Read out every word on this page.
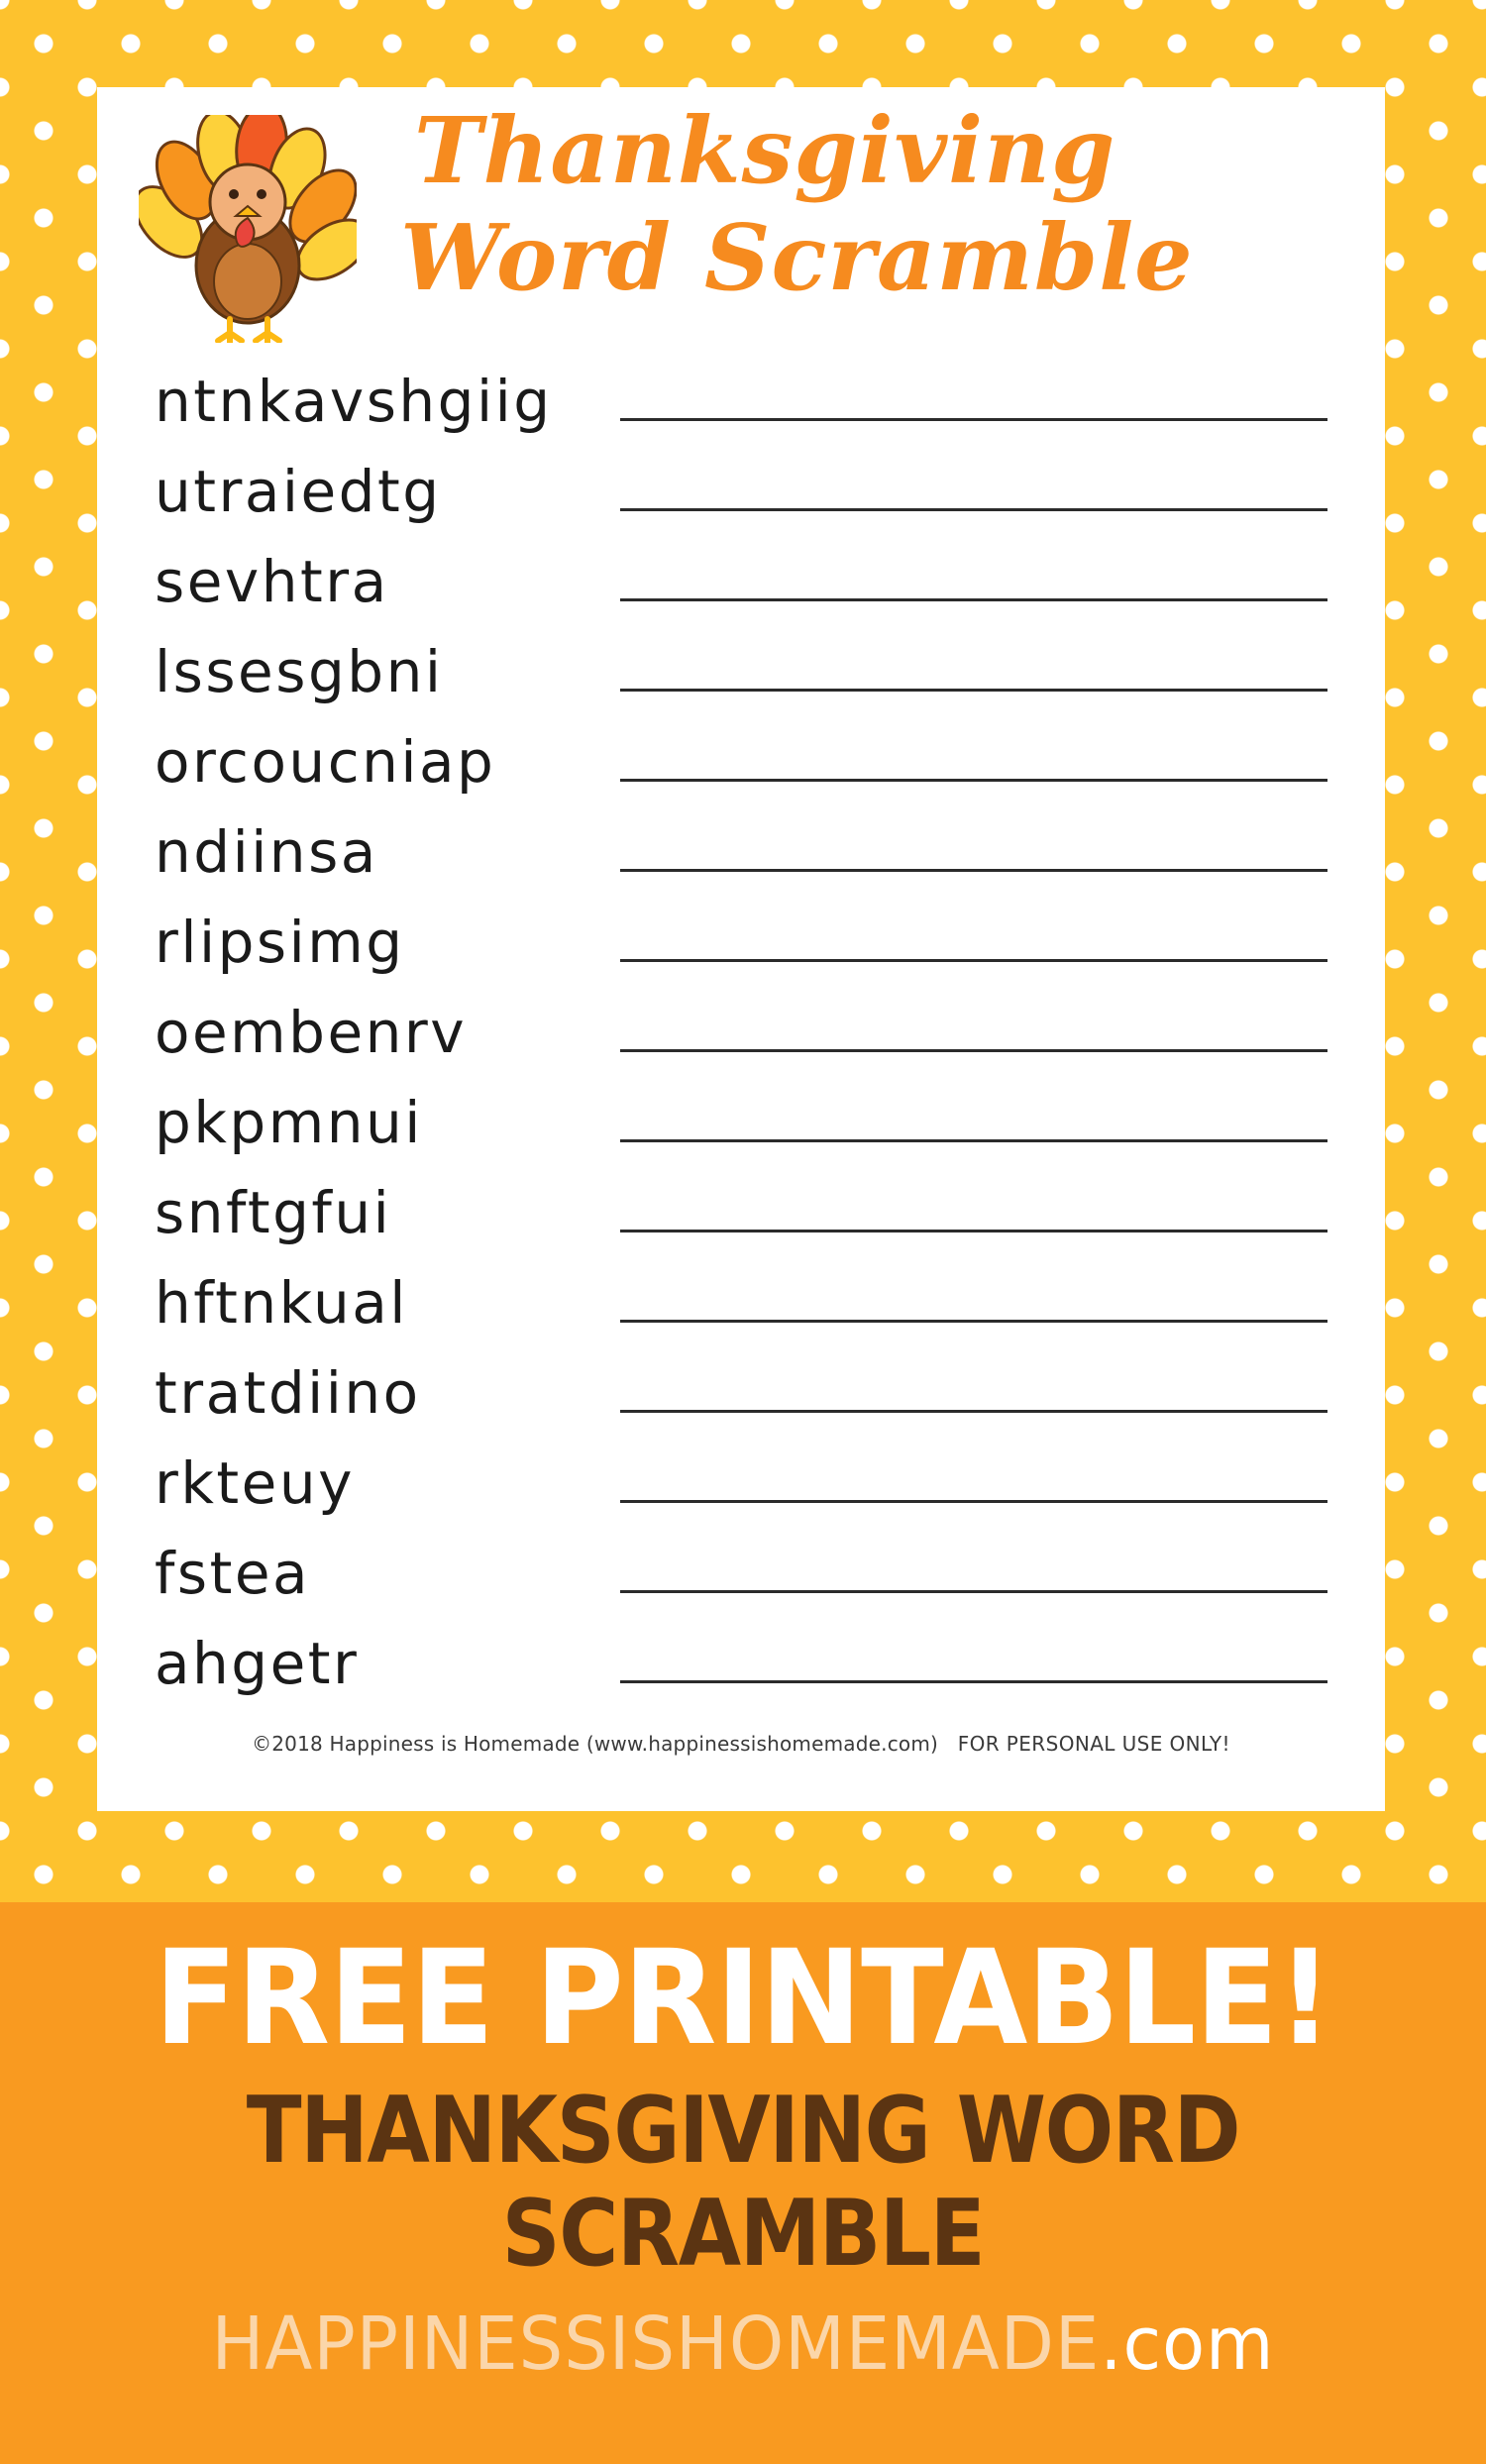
Thanksgiving
Word Scramble
ntnkavshgiig
utraiedtg
sevhtra
lssesgbni
orcoucniap
ndiinsa
rlipsimg
oembenrv
pkpmnui
snftgfui
hftnkual
tratdiino
rkteuy
fstea
ahgetr
©2018 Happiness is Homemade (www.happinessishomemade.com) FOR PERSONAL USE ONLY!
FREE PRINTABLE!
THANKSGIVING WORD SCRAMBLE
HAPPINESSISHOMEMADE.com
